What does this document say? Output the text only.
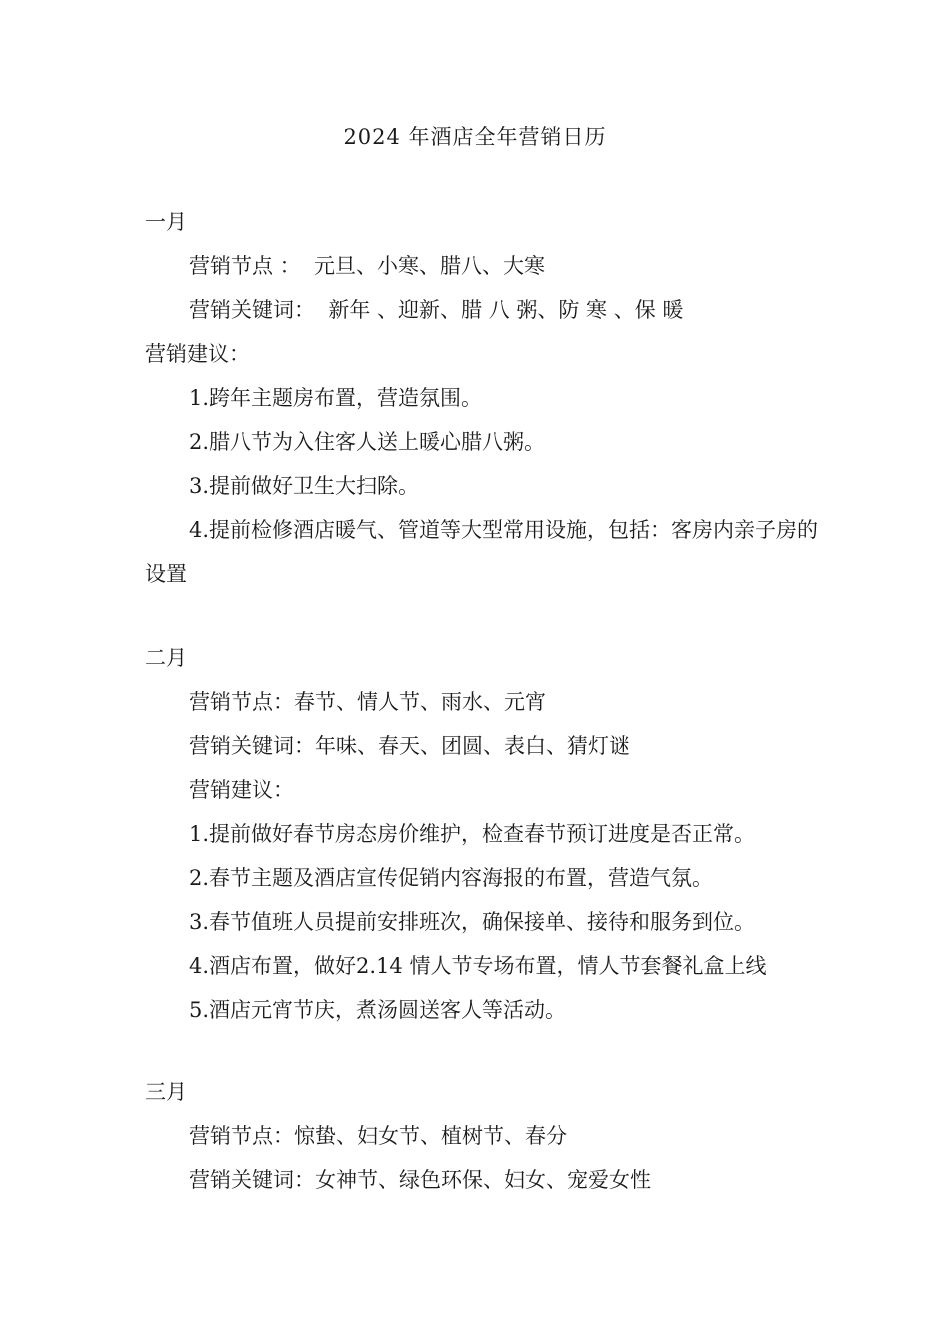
2024 年酒店全年营销日历
一月
营销节点 ：  元旦、小寒、腊八、大寒
营销关键词：  新年 、迎新、腊 八 粥、防 寒 、保 暖
营销建议：
1.跨年主题房布置，营造氛围。
2.腊八节为入住客人送上暖心腊八粥。
3.提前做好卫生大扫除。
4.提前检修酒店暖气、管道等大型常用设施，包括：客房内亲子房的设置
二月
营销节点：春节、情人节、雨水、元宵
营销关键词：年味、春天、团圆、表白、猜灯谜
营销建议：
1.提前做好春节房态房价维护，检查春节预订进度是否正常。
2.春节主题及酒店宣传促销内容海报的布置，营造气氛。
3.春节值班人员提前安排班次，确保接单、接待和服务到位。
4.酒店布置，做好2.14 情人节专场布置，情人节套餐礼盒上线
5.酒店元宵节庆，煮汤圆送客人等活动。
三月
营销节点：惊蛰、妇女节、植树节、春分
营销关键词：女神节、绿色环保、妇女、宠爱女性
